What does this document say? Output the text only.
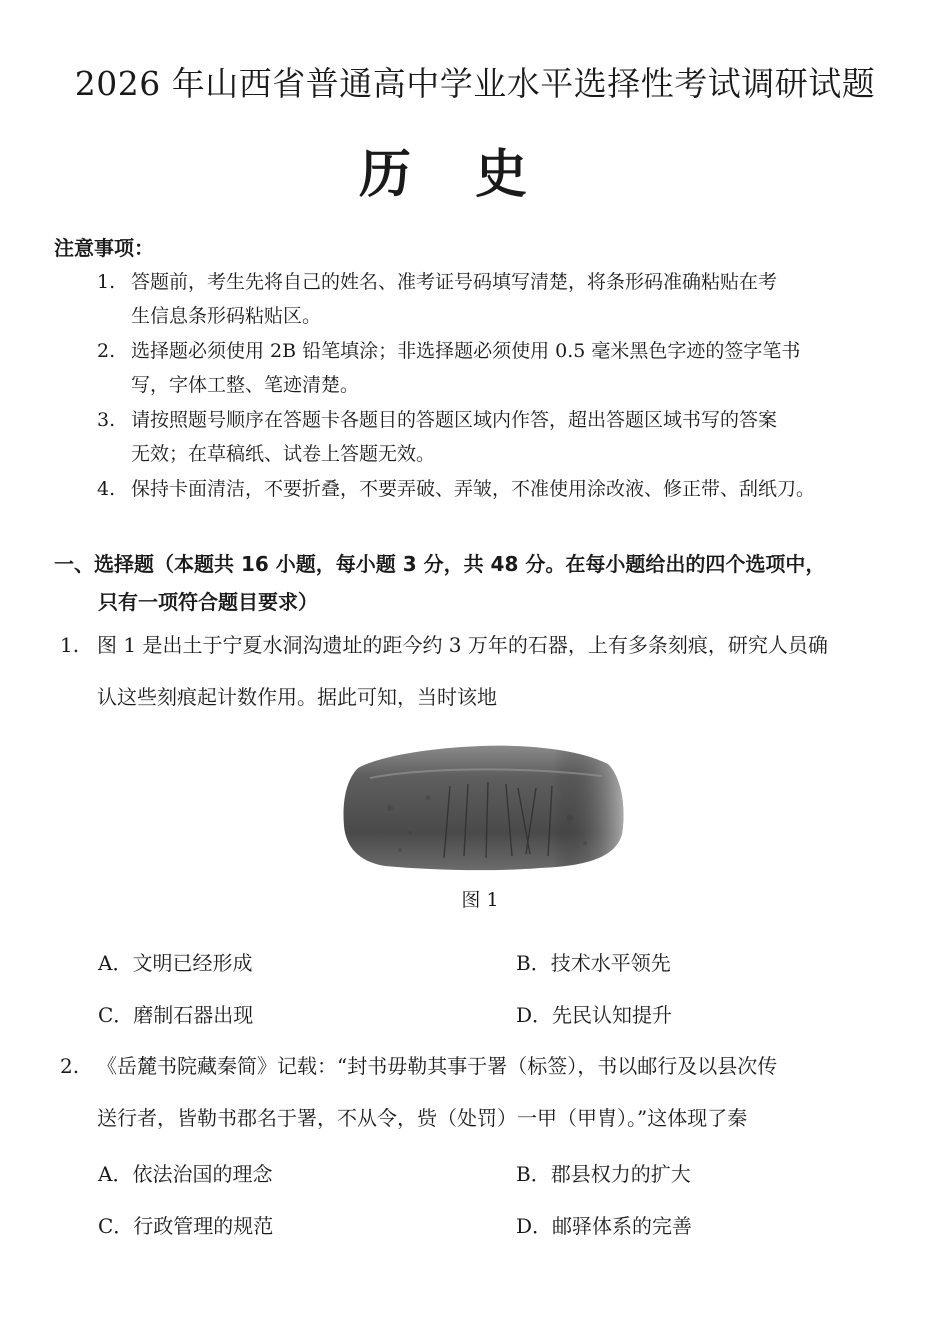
2026 年山西省普通高中学业水平选择性考试调研试题
历史
注意事项：
1. 答题前，考生先将自己的姓名、准考证号码填写清楚，将条形码准确粘贴在考
生信息条形码粘贴区。
2. 选择题必须使用 2B 铅笔填涂；非选择题必须使用 0.5 毫米黑色字迹的签字笔书
写，字体工整、笔迹清楚。
3. 请按照题号顺序在答题卡各题目的答题区域内作答，超出答题区域书写的答案
无效；在草稿纸、试卷上答题无效。
4. 保持卡面清洁，不要折叠，不要弄破、弄皱，不准使用涂改液、修正带、刮纸刀。
一、选择题（本题共 16 小题，每小题 3 分，共 48 分。在每小题给出的四个选项中，
只有一项符合题目要求）
1. 图 1 是出土于宁夏水洞沟遗址的距今约 3 万年的石器，上有多条刻痕，研究人员确
认这些刻痕起计数作用。据此可知，当时该地
图 1
A．文明已经形成	B．技术水平领先
C．磨制石器出现	D．先民认知提升
2. 《岳麓书院藏秦简》记载：“封书毋勒其事于署（标签），书以邮行及以县次传
送行者，皆勒书郡名于署，不从令，赀（处罚）一甲（甲胄）。”这体现了秦
A．依法治国的理念	B．郡县权力的扩大
C．行政管理的规范	D．邮驿体系的完善
